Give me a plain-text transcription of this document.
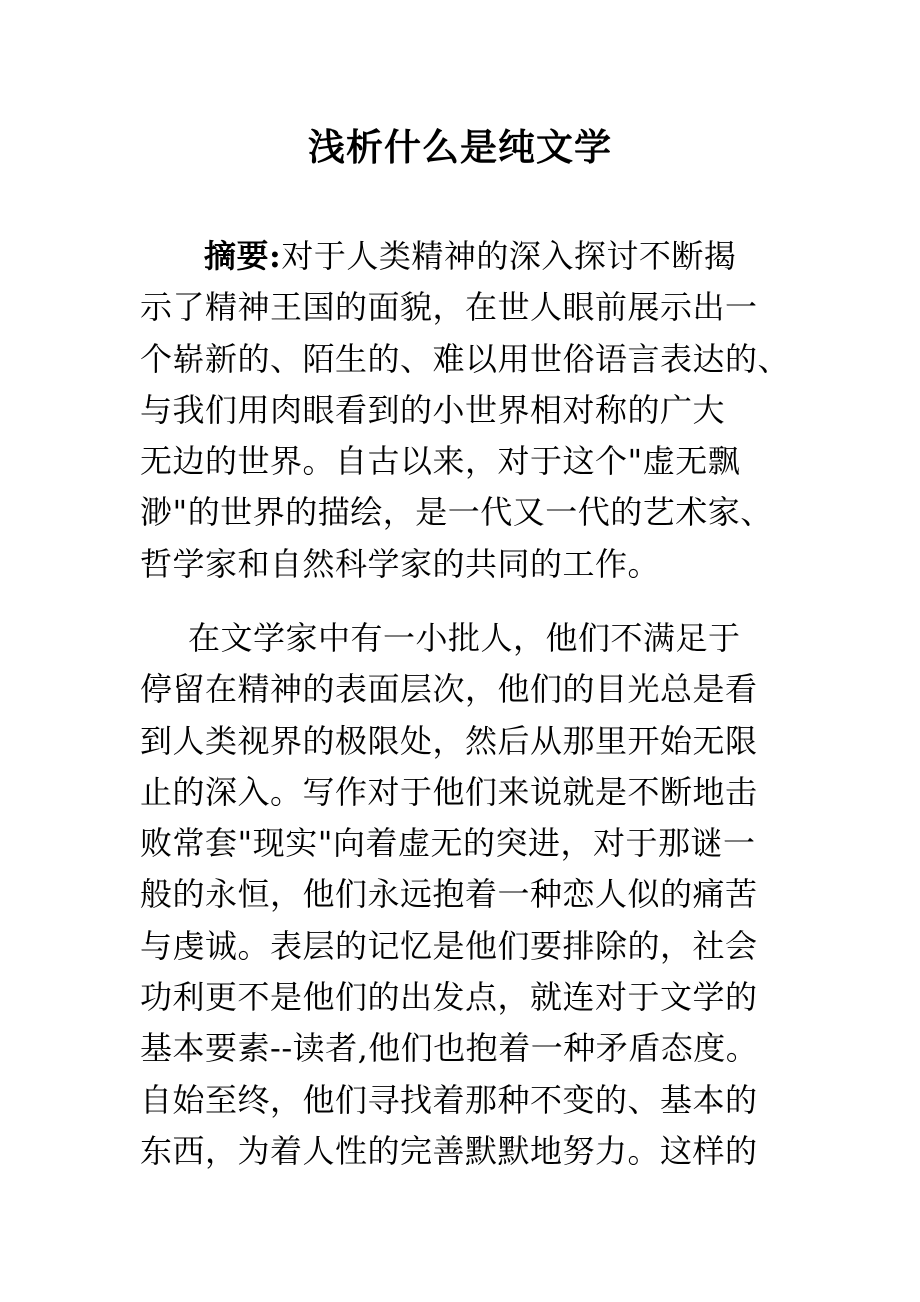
浅析什么是纯文学
摘要:对于人类精神的深入探讨不断揭
示了精神王国的面貌，在世人眼前展示出一
个崭新的、陌生的、难以用世俗语言表达的、
与我们用肉眼看到的小世界相对称的广大
无边的世界。自古以来，对于这个"虚无飘
渺"的世界的描绘，是一代又一代的艺术家、
哲学家和自然科学家的共同的工作。
在文学家中有一小批人，他们不满足于
停留在精神的表面层次，他们的目光总是看
到人类视界的极限处，然后从那里开始无限
止的深入。写作对于他们来说就是不断地击
败常套"现实"向着虚无的突进，对于那谜一
般的永恒，他们永远抱着一种恋人似的痛苦
与虔诚。表层的记忆是他们要排除的，社会
功利更不是他们的出发点，就连对于文学的
基本要素--读者,他们也抱着一种矛盾态度。
自始至终，他们寻找着那种不变的、基本的
东西，为着人性的完善默默地努力。这样的
